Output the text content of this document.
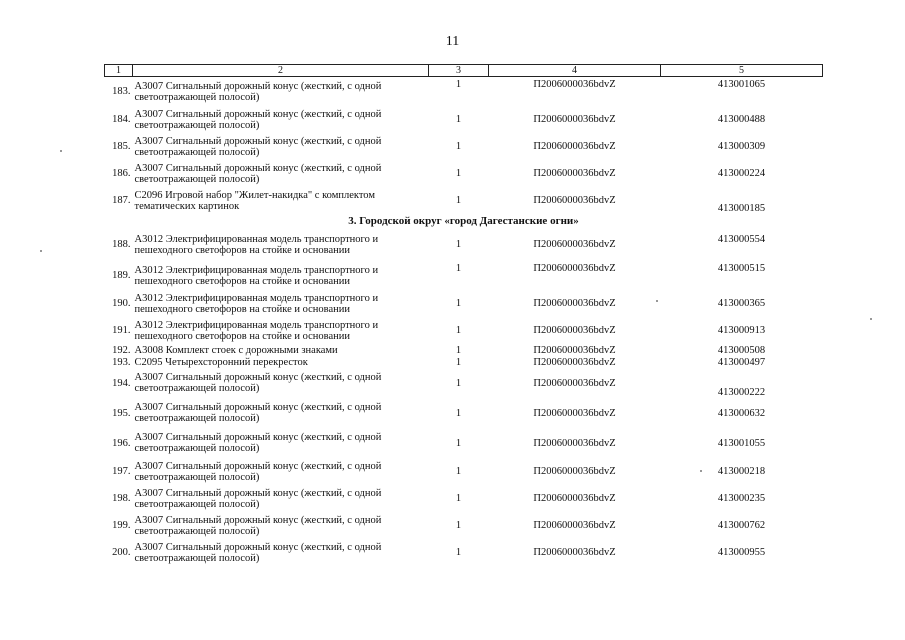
11
1	2	3	4	5
183.	А3007 Сигнальный дорожный конус (жесткий, с одной
светоотражающей полосой)	1	П2006000036bdvZ	413001065
184.	А3007 Сигнальный дорожный конус (жесткий, с одной
светоотражающей полосой)	1	П2006000036bdvZ	413000488
185.	А3007 Сигнальный дорожный конус (жесткий, с одной
светоотражающей полосой)	1	П2006000036bdvZ	413000309
186.	А3007 Сигнальный дорожный конус (жесткий, с одной
светоотражающей полосой)	1	П2006000036bdvZ	413000224
187.	С2096 Игровой набор "Жилет-накидка" с комплектом
тематических картинок	1	П2006000036bdvZ	413000185
3. Городской округ «город Дагестанские огни»				
188.	А3012 Электрифицированная модель транспортного и
пешеходного светофоров на стойке и основании	1	П2006000036bdvZ	413000554
189.	А3012 Электрифицированная модель транспортного и
пешеходного светофоров на стойке и основании	1	П2006000036bdvZ	413000515
190.	А3012 Электрифицированная модель транспортного и
пешеходного светофоров на стойке и основании	1	П2006000036bdvZ	413000365
191.	А3012 Электрифицированная модель транспортного и
пешеходного светофоров на стойке и основании	1	П2006000036bdvZ	413000913
192.	А3008 Комплект стоек с дорожными знаками	1	П2006000036bdvZ	413000508
193.	С2095 Четырехсторонний перекресток	1	П2006000036bdvZ	413000497
194.	А3007 Сигнальный дорожный конус (жесткий, с одной
светоотражающей полосой)	1	П2006000036bdvZ	413000222
195.	А3007 Сигнальный дорожный конус (жесткий, с одной
светоотражающей полосой)	1	П2006000036bdvZ	413000632
196.	А3007 Сигнальный дорожный конус (жесткий, с одной
светоотражающей полосой)	1	П2006000036bdvZ	413001055
197.	А3007 Сигнальный дорожный конус (жесткий, с одной
светоотражающей полосой)	1	П2006000036bdvZ	413000218
198.	А3007 Сигнальный дорожный конус (жесткий, с одной
светоотражающей полосой)	1	П2006000036bdvZ	413000235
199.	А3007 Сигнальный дорожный конус (жесткий, с одной
светоотражающей полосой)	1	П2006000036bdvZ	413000762
200.	А3007 Сигнальный дорожный конус (жесткий, с одной
светоотражающей полосой)	1	П2006000036bdvZ	413000955
